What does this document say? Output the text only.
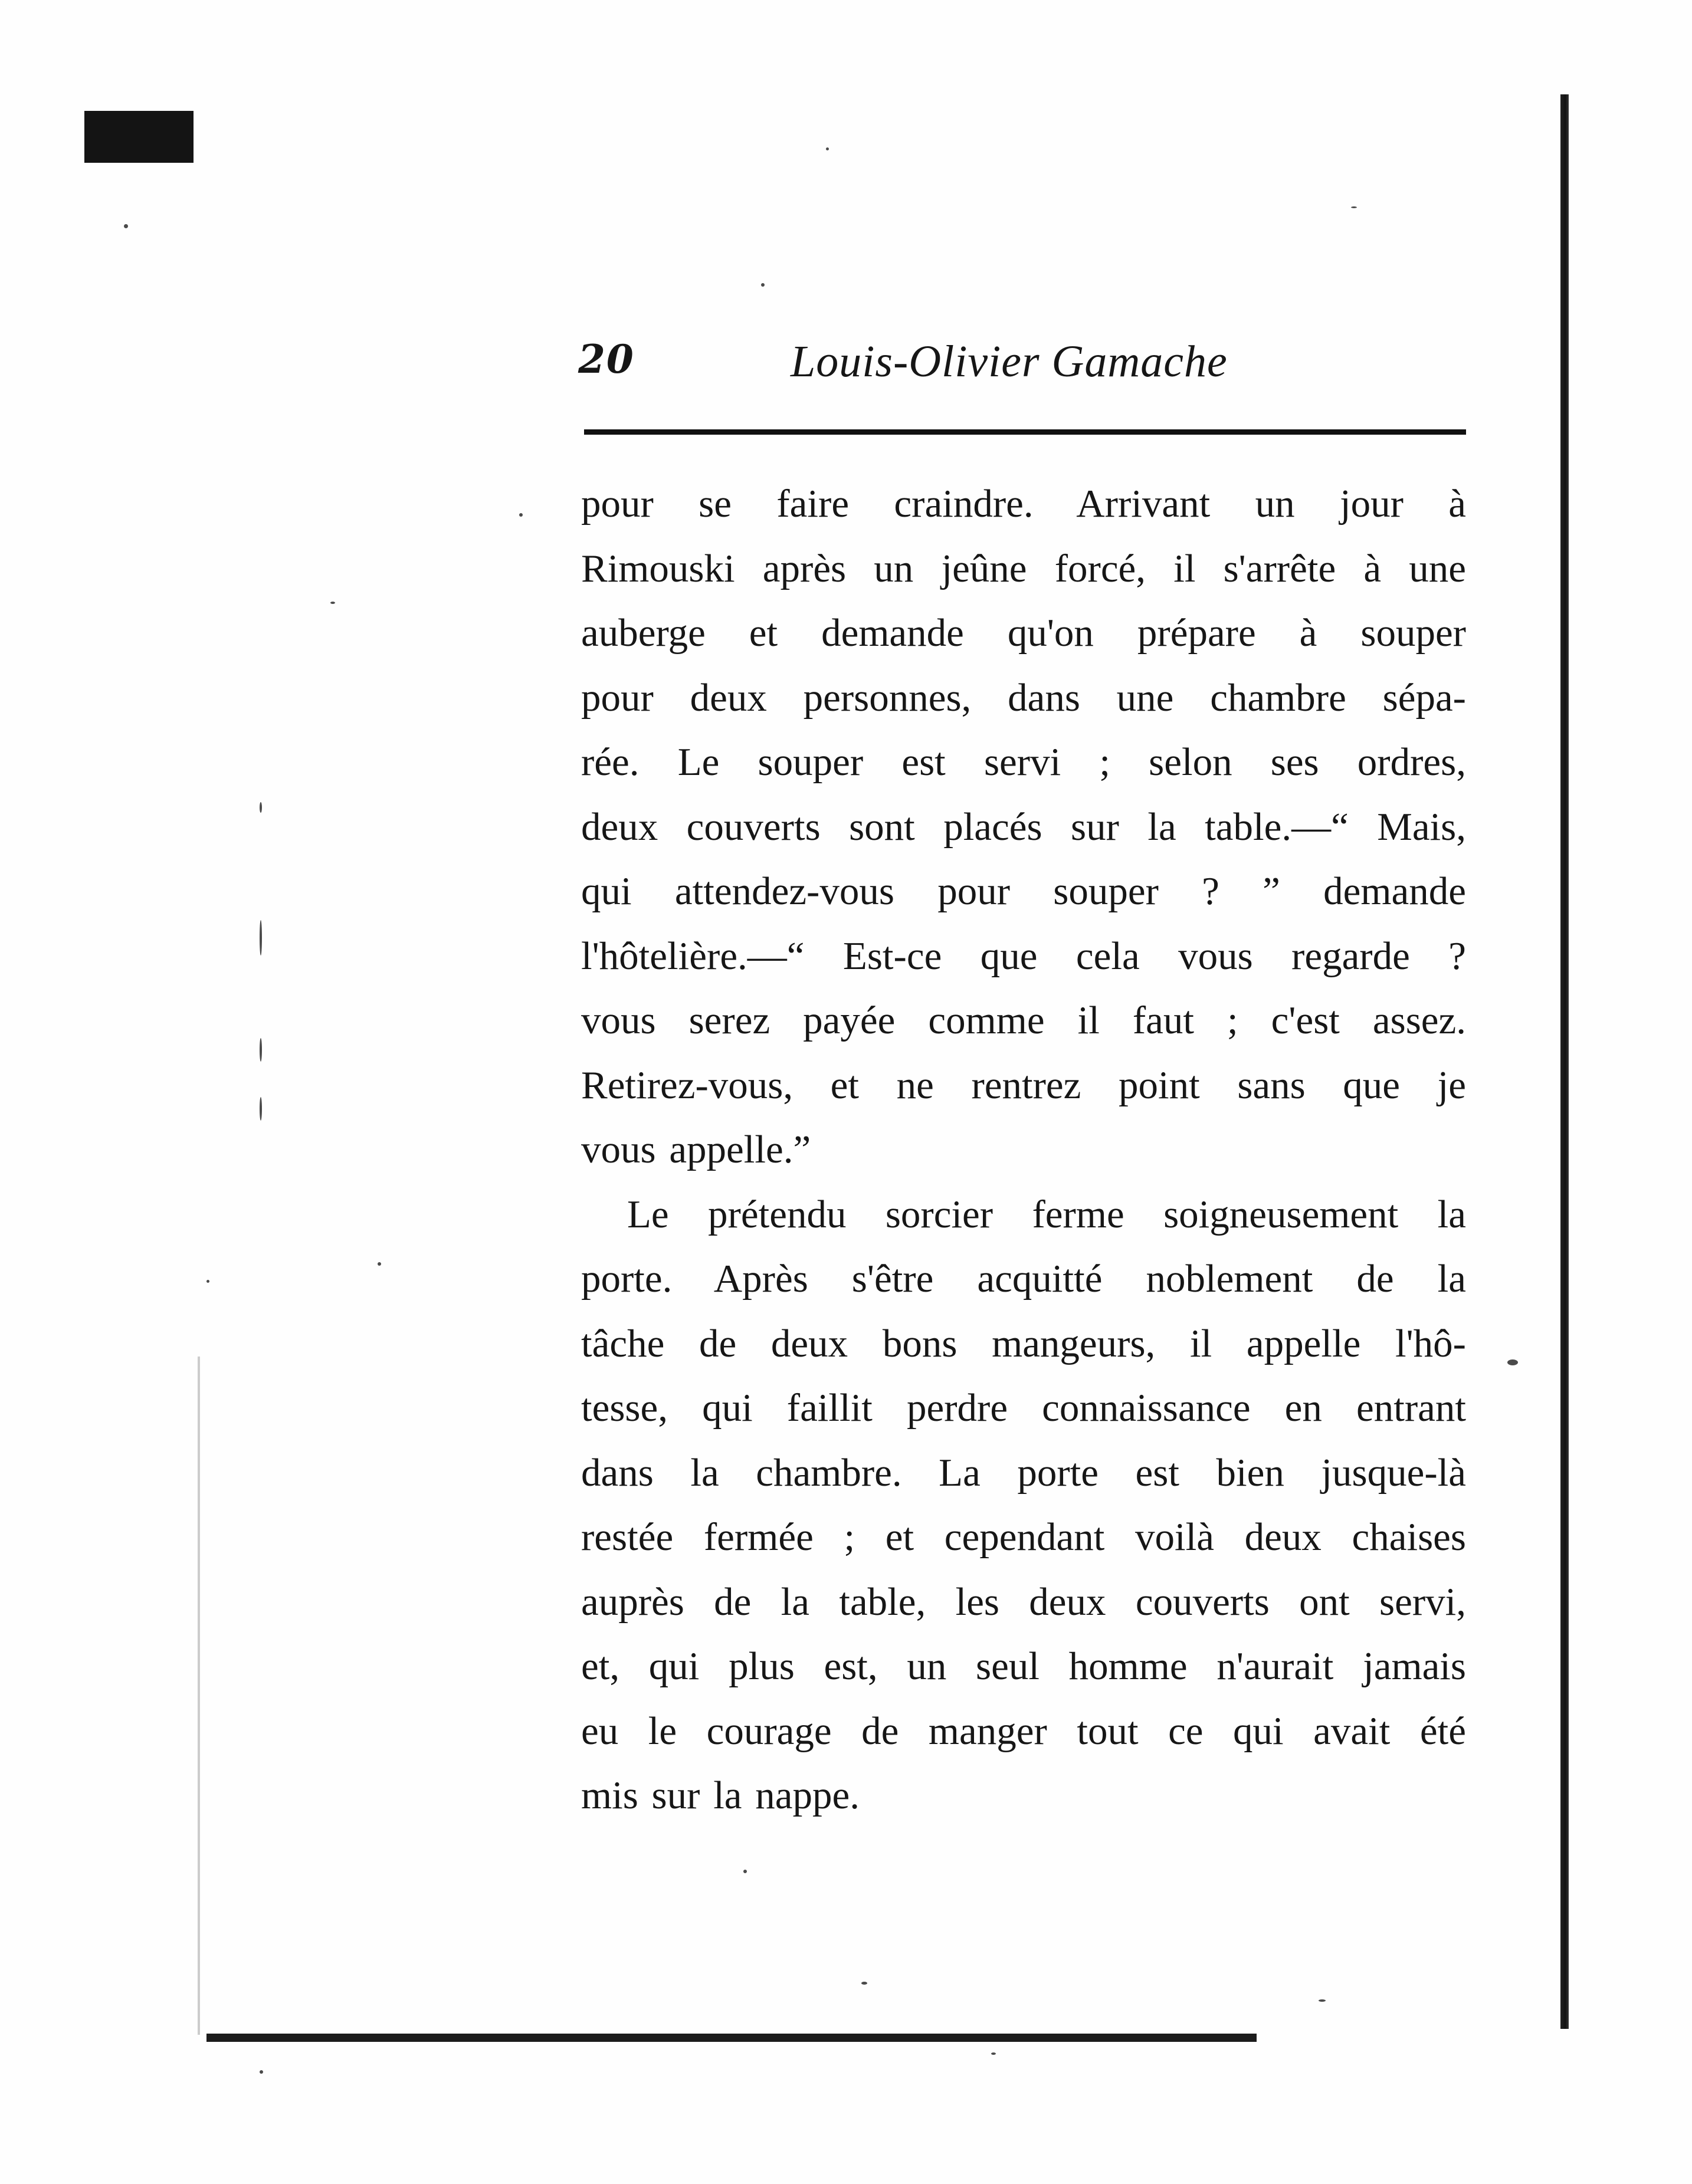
20	Louis-Olivier Gamache
pour se faire craindre. Arrivant un jour à
Rimouski après un jeûne forcé, il s'arrête à une
auberge et demande qu'on prépare à souper
pour deux personnes, dans une chambre sépa-
rée. Le souper est servi ; selon ses ordres,
deux couverts sont placés sur la table.—“ Mais,
qui attendez-vous pour souper ? ” demande
l'hôtelière.—“ Est-ce que cela vous regarde ?
vous serez payée comme il faut ; c'est assez.
Retirez-vous, et ne rentrez point sans que je
vous appelle.”
Le prétendu sorcier ferme soigneusement la
porte. Après s'être acquitté noblement de la
tâche de deux bons mangeurs, il appelle l'hô-
tesse, qui faillit perdre connaissance en entrant
dans la chambre. La porte est bien jusque-là
restée fermée ; et cependant voilà deux chaises
auprès de la table, les deux couverts ont servi,
et, qui plus est, un seul homme n'aurait jamais
eu le courage de manger tout ce qui avait été
mis sur la nappe.
